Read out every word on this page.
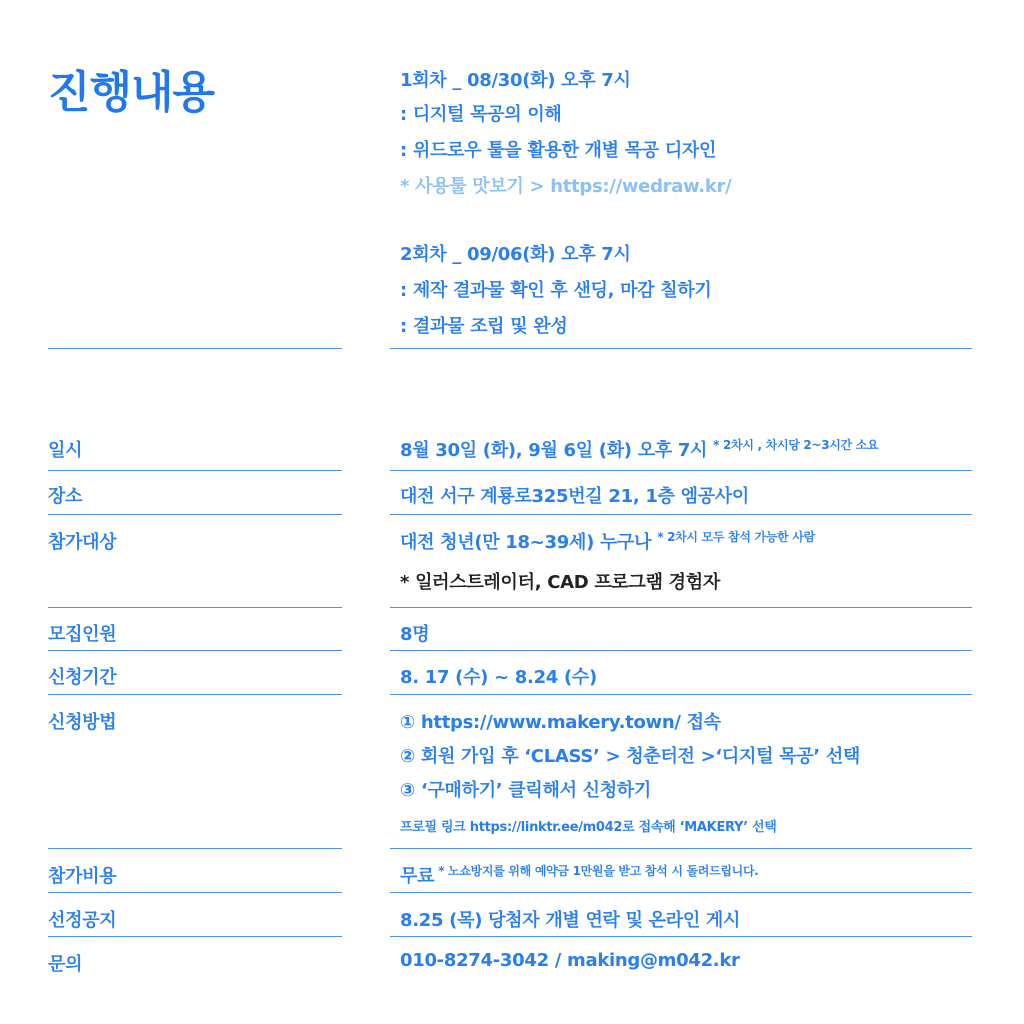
진행내용	1회차 _ 08/30(화) 오후 7시
: 디지털 목공의 이해
: 위드로우 툴을 활용한 개별 목공 디자인
* 사용툴 맛보기 > https://wedraw.kr/
2회차 _ 09/06(화) 오후 7시
: 제작 결과물 확인 후 샌딩, 마감 칠하기
: 결과물 조립 및 완성
일시	8월 30일 (화), 9월 6일 (화) 오후 7시 $^{* 2차시 , 차시당 2\sim 3시간 소요}$
장소	대전 서구 계룡로325번길 21, 1층 엠공사이
참가대상	대전 청년(만 18~39세) 누구나 $^{* 2차시 모두 참석 가능한 사람}$
* 일러스트레이터, CAD 프로그램 경험자
모집인원	8명
신청기간	8. 17 (수) ~ 8.24 (수)
신청방법	① https://www.makery.town/ 접속
② 회원 가입 후 ‘CLASS’ > 청춘터전 >‘디지털 목공’ 선택
③ ‘구매하기’ 클릭해서 신청하기
프로필 링크 https://linktr.ee/m042로 접속해 ‘MAKERY’ 선택
참가비용	무료 $^{* 노쇼방지를 위해 예약금 1만원을 받고 참석 시 돌려드립니다.}$
선정공지	8.25 (목) 당첨자 개별 연락 및 온라인 게시
문의	010-8274-3042 / making@m042.kr
